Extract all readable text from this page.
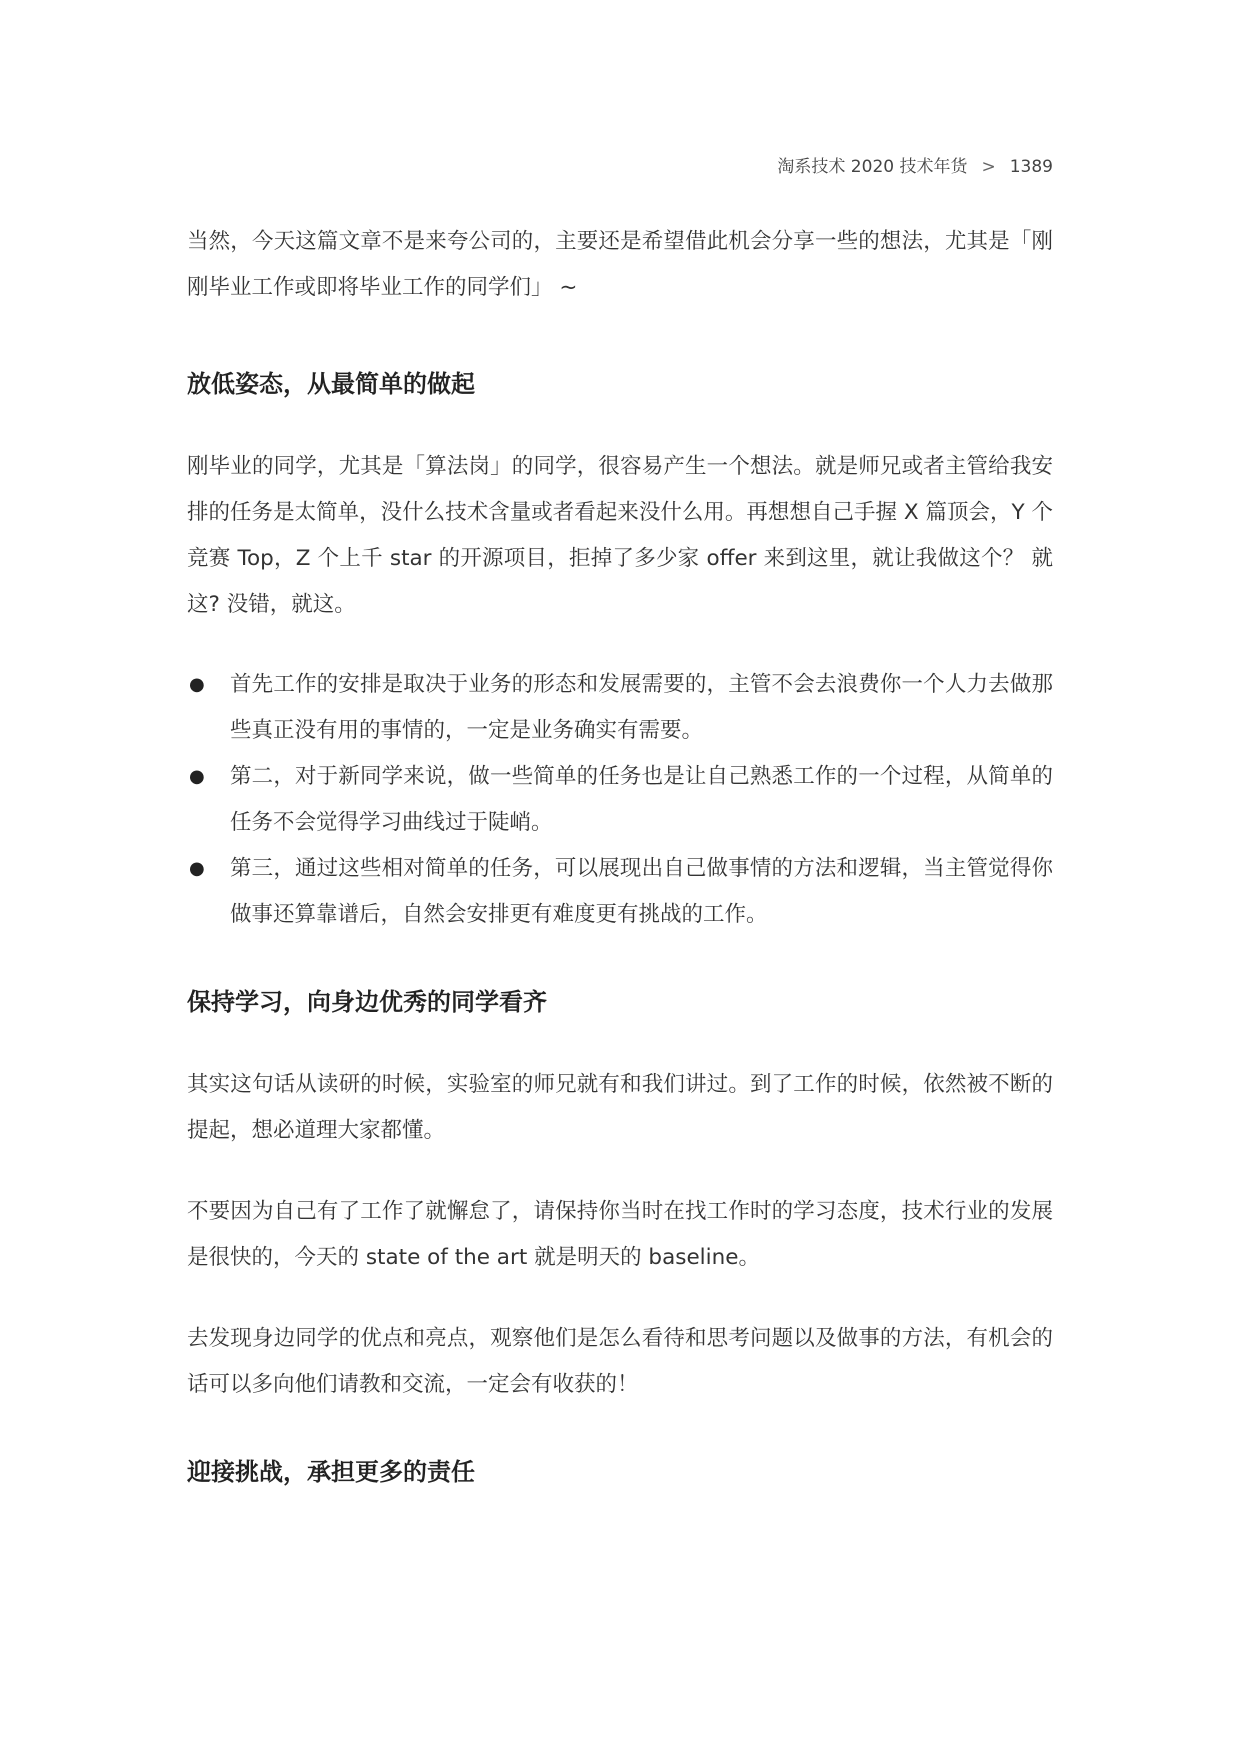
淘系技术 2020 技术年货 > 1389

当然，今天这篇文章不是来夸公司的，主要还是希望借此机会分享一些的想法，尤其是「刚刚毕业工作或即将毕业工作的同学们」 ~

放低姿态，从最简单的做起

刚毕业的同学，尤其是「算法岗」的同学，很容易产生一个想法。就是师兄或者主管给我安排的任务是太简单，没什么技术含量或者看起来没什么用。再想想自己手握 X 篇顶会，Y 个竞赛 Top，Z 个上千 star 的开源项目，拒掉了多少家 offer 来到这里，就让我做这个？ 就这? 没错，就这。

● 首先工作的安排是取决于业务的形态和发展需要的，主管不会去浪费你一个人力去做那些真正没有用的事情的，一定是业务确实有需要。
● 第二，对于新同学来说，做一些简单的任务也是让自己熟悉工作的一个过程，从简单的任务不会觉得学习曲线过于陡峭。
● 第三，通过这些相对简单的任务，可以展现出自己做事情的方法和逻辑，当主管觉得你做事还算靠谱后，自然会安排更有难度更有挑战的工作。
保持学习，向身边优秀的同学看齐

其实这句话从读研的时候，实验室的师兄就有和我们讲过。到了工作的时候，依然被不断的提起，想必道理大家都懂。

不要因为自己有了工作了就懈怠了，请保持你当时在找工作时的学习态度，技术行业的发展是很快的，今天的 state of the art 就是明天的 baseline。

去发现身边同学的优点和亮点，观察他们是怎么看待和思考问题以及做事的方法，有机会的话可以多向他们请教和交流，一定会有收获的！

迎接挑战，承担更多的责任
